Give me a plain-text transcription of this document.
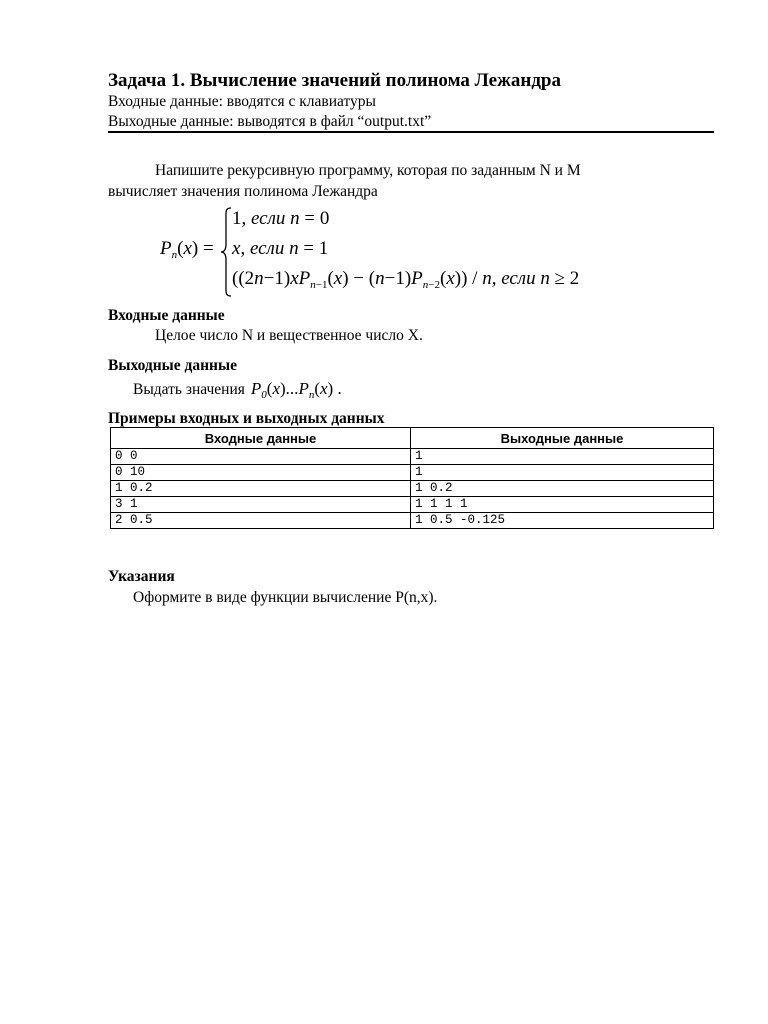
Задача 1. Вычисление значений полинома Лежандра
Входные данные: вводятся с клавиатуры
Выходные данные: выводятся в файл “output.txt”
Напишите рекурсивную программу, которая по заданным N и M
вычисляет значения полинома Лежандра
$P_n(x)$ =
1, если n = 0
x, если n = 1
$((2n-1)xP_{n-1}(x) - (n-1)P_{n-2}(x)) / n$, если n ≥ 2
Входные данные
Целое число N и вещественное число X.
Выходные данные
Выдать значения $P_0(x)...P_n(x)$ .
Примеры входных и выходных данных
Входные данные	Выходные данные
0 0	1
0 10	1
1 0.2	1 0.2
3 1	1 1 1 1
2 0.5	1 0.5 -0.125
Указания
Оформите в виде функции вычисление P(n,x).
